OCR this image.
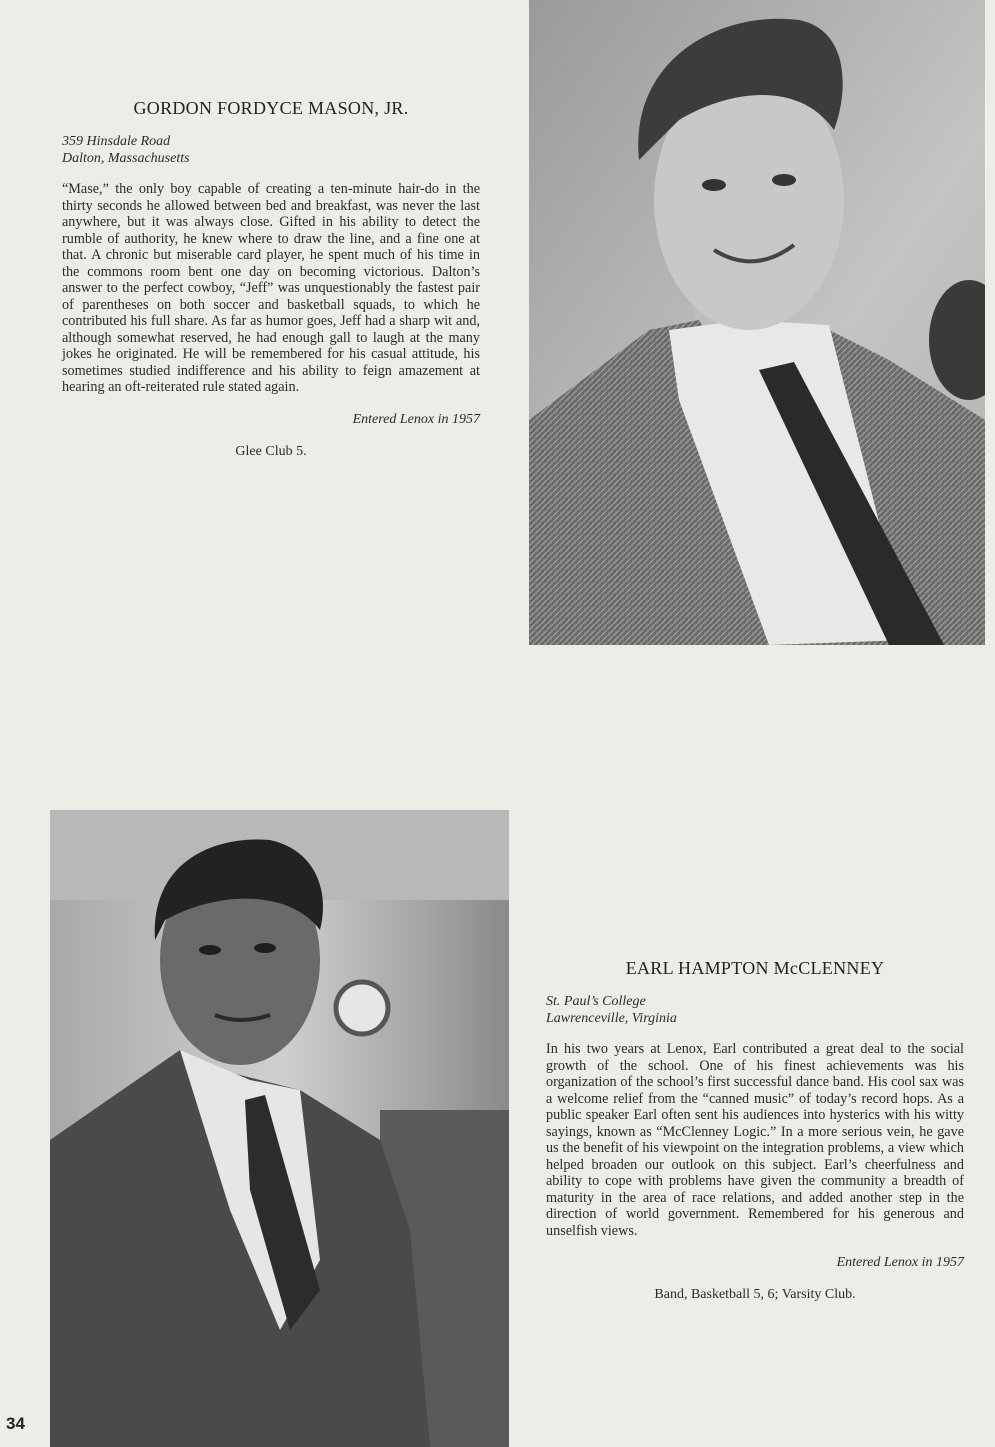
GORDON FORDYCE MASON, JR.
359 Hinsdale Road
Dalton, Massachusetts

“Mase,” the only boy capable of creating a ten-minute hair-do in the thirty seconds he allowed between bed and breakfast, was never the last anywhere, but it was always close. Gifted in his ability to detect the rumble of authority, he knew where to draw the line, and a fine one at that. A chronic but miserable card player, he spent much of his time in the commons room bent one day on becoming victorious. Dalton’s answer to the perfect cowboy, “Jeff” was unquestionably the fastest pair of parentheses on both soccer and basketball squads, to which he contributed his full share. As far as humor goes, Jeff had a sharp wit and, although somewhat reserved, he had enough gall to laugh at the many jokes he originated. He will be remembered for his casual attitude, his sometimes studied indifference and his ability to feign amazement at hearing an oft-reiterated rule stated again.

Entered Lenox in 1957

Glee Club 5.

EARL HAMPTON McCLENNEY
St. Paul’s College
Lawrenceville, Virginia

In his two years at Lenox, Earl contributed a great deal to the social growth of the school. One of his finest achievements was his organization of the school’s first successful dance band. His cool sax was a welcome relief from the “canned music” of today’s record hops. As a public speaker Earl often sent his audiences into hysterics with his witty sayings, known as “McClenney Logic.” In a more serious vein, he gave us the benefit of his viewpoint on the integration problems, a view which helped broaden our outlook on this subject. Earl’s cheerfulness and ability to cope with problems have given the community a breadth of maturity in the area of race relations, and added another step in the direction of world government. Remembered for his generous and unselfish views.

Entered Lenox in 1957

Band, Basketball 5, 6; Varsity Club.

34
